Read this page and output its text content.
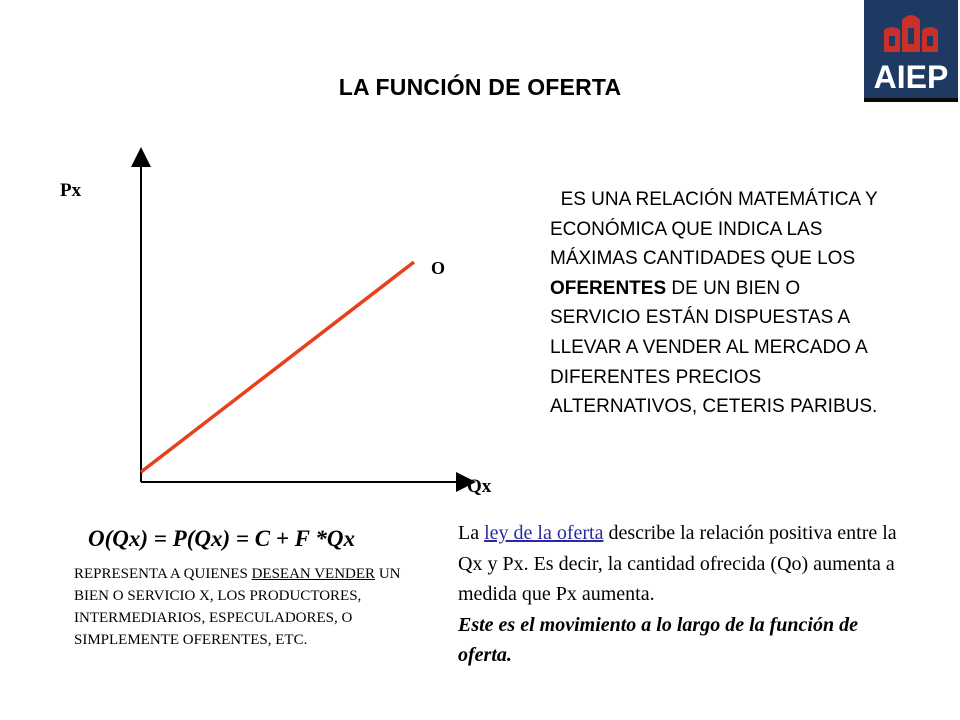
LA FUNCIÓN DE OFERTA	AIEP
Px
Qx
O
ES UNA RELACIÓN MATEMÁTICA Y ECONÓMICA QUE INDICA LAS MÁXIMAS CANTIDADES QUE LOS OFERENTES DE UN BIEN O SERVICIO ESTÁN DISPUESTAS A LLEVAR A VENDER AL MERCADO A DIFERENTES PRECIOS ALTERNATIVOS, CETERIS PARIBUS.
O(Qx) = P(Qx) = C + F *Qx
REPRESENTA A QUIENES DESEAN VENDER UN BIEN O SERVICIO X, LOS PRODUCTORES, INTERMEDIARIOS, ESPECULADORES, O SIMPLEMENTE OFERENTES, ETC.
La ley de la oferta describe la relación positiva entre la Qx y Px. Es decir, la cantidad ofrecida (Qo) aumenta a medida que Px aumenta.
Este es el movimiento a lo largo de la función de oferta.
